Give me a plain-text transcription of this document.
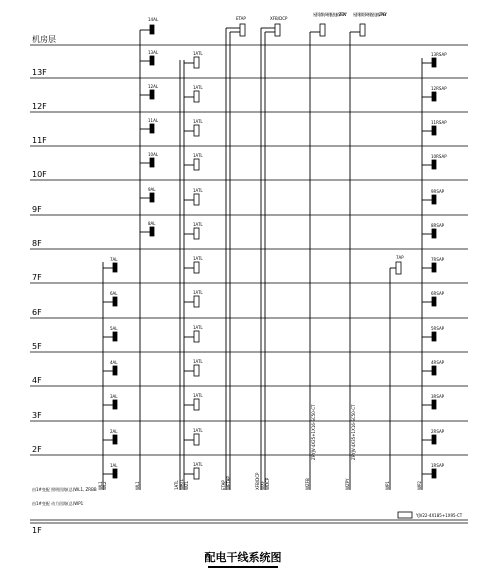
机房层
13F
12F
11F
10F
9F
8F
7F
6F
5F
4F
3F
2F
1F
7AL
6AL
5AL
4AL
3AL
2AL
1AL
14AL
13AL
12AL
11AL
10AL
9AL
8AL
1ATL
1ATL
1ATL
1ATL
1ATL
1ATL
1ATL
1ATL
1ATL
1ATL
1ATL
1ATL
1ATL
ETAP	XFB/DCP
屋顶消防风机配电箱 ZFBXY
ZRYJV-4X25+1X16-SC50-CT
屋顶排烟风机配电箱 ZPYBY
ZRYJV-4X35+1X16-SC50-CT
7AP
13RSAP
12RSAP
11RSAP
10RSAP
9RSAP
8RSAP
7RSAP
6RSAP
5RSAP
4RSAP
3RSAP
2RSAP
1RSAP
由1#变配 照明回路(总)WL1, ZRBB
由1#变配 动力回路(总)WP1
WL1 WL2	WL1	1ATL WATL WZL	ETAP WETAP	XFB/DCP WXF WDCP	WZFB	WZPY	WP1	WP2
YJV22-4X185+1X95-CT
配电干线系统图
